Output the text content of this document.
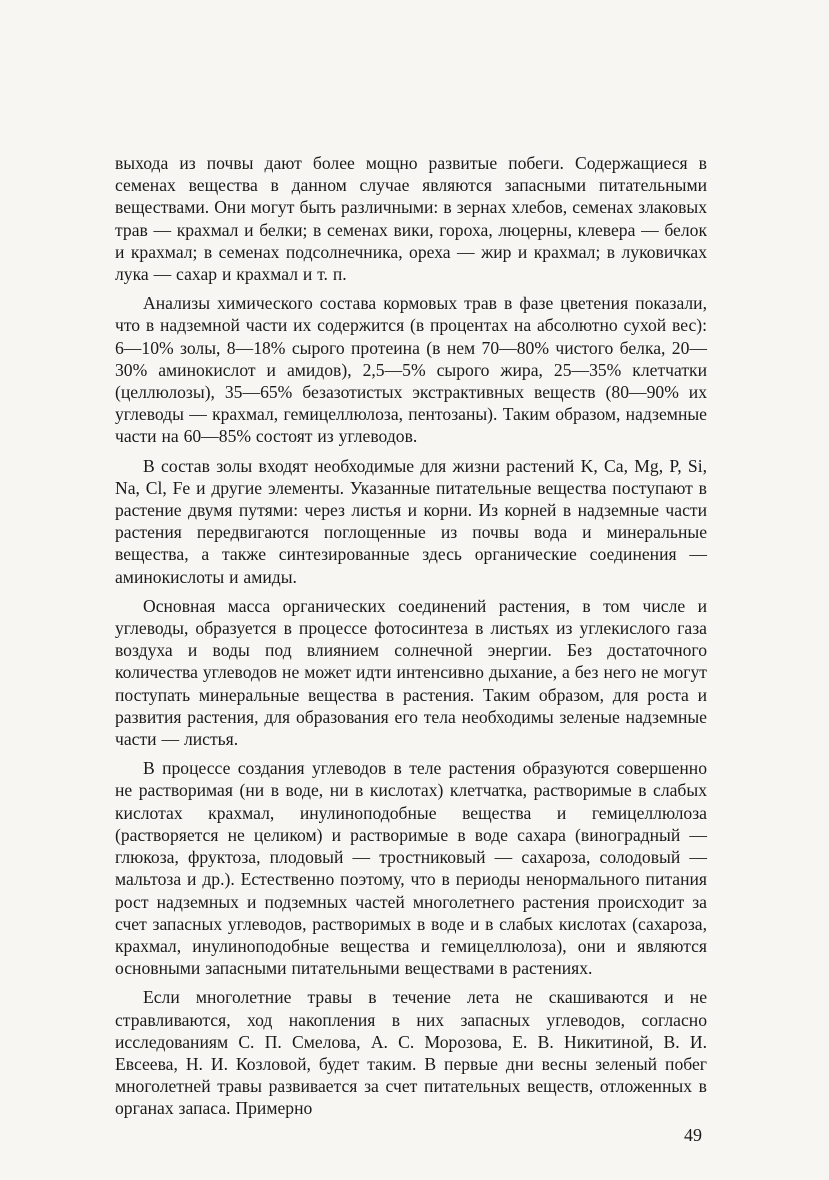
выхода из почвы дают более мощно развитые побеги. Содержащиеся в семенах вещества в данном случае являются запасными питательными веществами. Они могут быть различными: в зернах хлебов, семенах злаковых трав — крахмал и белки; в семенах вики, гороха, люцерны, клевера — белок и крахмал; в семенах подсолнечника, ореха — жир и крахмал; в луковичках лука — сахар и крахмал и т. п.

Анализы химического состава кормовых трав в фазе цветения показали, что в надземной части их содержится (в процентах на абсолютно сухой вес): 6—10% золы, 8—18% сырого протеина (в нем 70—80% чистого белка, 20—30% аминокислот и амидов), 2,5—5% сырого жира, 25—35% клетчатки (целлюлозы), 35—65% безазотистых экстрактивных веществ (80—90% их углеводы — крахмал, гемицеллюлоза, пентозаны). Таким образом, надземные части на 60—85% состоят из углеводов.

В состав золы входят необходимые для жизни растений K, Ca, Mg, P, Si, Na, Cl, Fe и другие элементы. Указанные питательные вещества поступают в растение двумя путями: через листья и корни. Из корней в надземные части растения передвигаются поглощенные из почвы вода и минеральные вещества, а также синтезированные здесь органические соединения — аминокислоты и амиды.

Основная масса органических соединений растения, в том числе и углеводы, образуется в процессе фотосинтеза в листьях из углекислого газа воздуха и воды под влиянием солнечной энергии. Без достаточного количества углеводов не может идти интенсивно дыхание, а без него не могут поступать минеральные вещества в растения. Таким образом, для роста и развития растения, для образования его тела необходимы зеленые надземные части — листья.

В процессе создания углеводов в теле растения образуются совершенно не растворимая (ни в воде, ни в кислотах) клетчатка, растворимые в слабых кислотах крахмал, инулиноподобные вещества и гемицеллюлоза (растворяется не целиком) и растворимые в воде сахара (виноградный — глюкоза, фруктоза, плодовый — тростниковый — сахароза, солодовый — мальтоза и др.). Естественно поэтому, что в периоды ненормального питания рост надземных и подземных частей многолетнего растения происходит за счет запасных углеводов, растворимых в воде и в слабых кислотах (сахароза, крахмал, инулиноподобные вещества и гемицеллюлоза), они и являются основными запасными питательными веществами в растениях.

Если многолетние травы в течение лета не скашиваются и не стравливаются, ход накопления в них запасных углеводов, согласно исследованиям С. П. Смелова, А. С. Морозова, Е. В. Никитиной, В. И. Евсеева, Н. И. Козловой, будет таким. В первые дни весны зеленый побег многолетней травы развивается за счет питательных веществ, отложенных в органах запаса. Примерно

49
